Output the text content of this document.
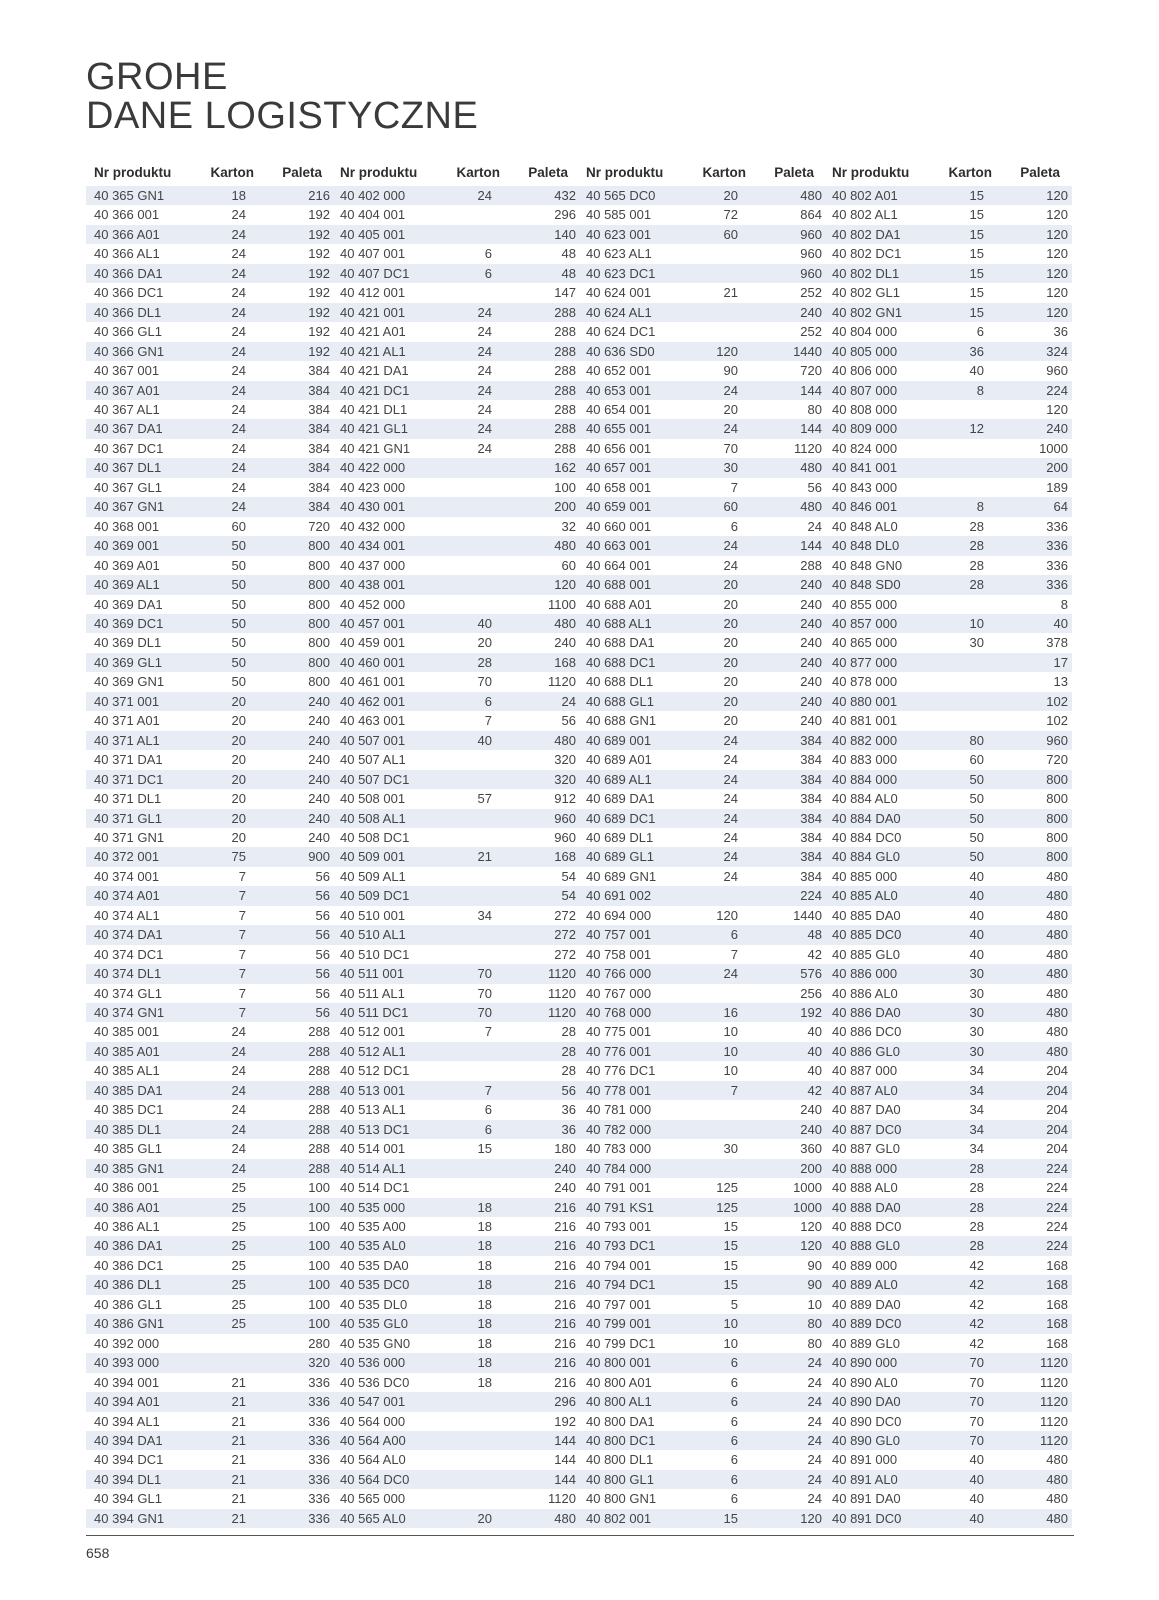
GROHE
DANE LOGISTYCZNE
Nr produktu	Karton	Paleta
40 365 GN1	18	216
40 366 001	24	192
40 366 A01	24	192
40 366 AL1	24	192
40 366 DA1	24	192
40 366 DC1	24	192
40 366 DL1	24	192
40 366 GL1	24	192
40 366 GN1	24	192
40 367 001	24	384
40 367 A01	24	384
40 367 AL1	24	384
40 367 DA1	24	384
40 367 DC1	24	384
40 367 DL1	24	384
40 367 GL1	24	384
40 367 GN1	24	384
40 368 001	60	720
40 369 001	50	800
40 369 A01	50	800
40 369 AL1	50	800
40 369 DA1	50	800
40 369 DC1	50	800
40 369 DL1	50	800
40 369 GL1	50	800
40 369 GN1	50	800
40 371 001	20	240
40 371 A01	20	240
40 371 AL1	20	240
40 371 DA1	20	240
40 371 DC1	20	240
40 371 DL1	20	240
40 371 GL1	20	240
40 371 GN1	20	240
40 372 001	75	900
40 374 001	7	56
40 374 A01	7	56
40 374 AL1	7	56
40 374 DA1	7	56
40 374 DC1	7	56
40 374 DL1	7	56
40 374 GL1	7	56
40 374 GN1	7	56
40 385 001	24	288
40 385 A01	24	288
40 385 AL1	24	288
40 385 DA1	24	288
40 385 DC1	24	288
40 385 DL1	24	288
40 385 GL1	24	288
40 385 GN1	24	288
40 386 001	25	100
40 386 A01	25	100
40 386 AL1	25	100
40 386 DA1	25	100
40 386 DC1	25	100
40 386 DL1	25	100
40 386 GL1	25	100
40 386 GN1	25	100
40 392 000		280
40 393 000		320
40 394 001	21	336
40 394 A01	21	336
40 394 AL1	21	336
40 394 DA1	21	336
40 394 DC1	21	336
40 394 DL1	21	336
40 394 GL1	21	336
40 394 GN1	21	336
Nr produktu	Karton	Paleta
40 402 000	24	432
40 404 001		296
40 405 001		140
40 407 001	6	48
40 407 DC1	6	48
40 412 001		147
40 421 001	24	288
40 421 A01	24	288
40 421 AL1	24	288
40 421 DA1	24	288
40 421 DC1	24	288
40 421 DL1	24	288
40 421 GL1	24	288
40 421 GN1	24	288
40 422 000		162
40 423 000		100
40 430 001		200
40 432 000		32
40 434 001		480
40 437 000		60
40 438 001		120
40 452 000		1100
40 457 001	40	480
40 459 001	20	240
40 460 001	28	168
40 461 001	70	1120
40 462 001	6	24
40 463 001	7	56
40 507 001	40	480
40 507 AL1		320
40 507 DC1		320
40 508 001	57	912
40 508 AL1		960
40 508 DC1		960
40 509 001	21	168
40 509 AL1		54
40 509 DC1		54
40 510 001	34	272
40 510 AL1		272
40 510 DC1		272
40 511 001	70	1120
40 511 AL1	70	1120
40 511 DC1	70	1120
40 512 001	7	28
40 512 AL1		28
40 512 DC1		28
40 513 001	7	56
40 513 AL1	6	36
40 513 DC1	6	36
40 514 001	15	180
40 514 AL1		240
40 514 DC1		240
40 535 000	18	216
40 535 A00	18	216
40 535 AL0	18	216
40 535 DA0	18	216
40 535 DC0	18	216
40 535 DL0	18	216
40 535 GL0	18	216
40 535 GN0	18	216
40 536 000	18	216
40 536 DC0	18	216
40 547 001		296
40 564 000		192
40 564 A00		144
40 564 AL0		144
40 564 DC0		144
40 565 000		1120
40 565 AL0	20	480
Nr produktu	Karton	Paleta
40 565 DC0	20	480
40 585 001	72	864
40 623 001	60	960
40 623 AL1		960
40 623 DC1		960
40 624 001	21	252
40 624 AL1		240
40 624 DC1		252
40 636 SD0	120	1440
40 652 001	90	720
40 653 001	24	144
40 654 001	20	80
40 655 001	24	144
40 656 001	70	1120
40 657 001	30	480
40 658 001	7	56
40 659 001	60	480
40 660 001	6	24
40 663 001	24	144
40 664 001	24	288
40 688 001	20	240
40 688 A01	20	240
40 688 AL1	20	240
40 688 DA1	20	240
40 688 DC1	20	240
40 688 DL1	20	240
40 688 GL1	20	240
40 688 GN1	20	240
40 689 001	24	384
40 689 A01	24	384
40 689 AL1	24	384
40 689 DA1	24	384
40 689 DC1	24	384
40 689 DL1	24	384
40 689 GL1	24	384
40 689 GN1	24	384
40 691 002		224
40 694 000	120	1440
40 757 001	6	48
40 758 001	7	42
40 766 000	24	576
40 767 000		256
40 768 000	16	192
40 775 001	10	40
40 776 001	10	40
40 776 DC1	10	40
40 778 001	7	42
40 781 000		240
40 782 000		240
40 783 000	30	360
40 784 000		200
40 791 001	125	1000
40 791 KS1	125	1000
40 793 001	15	120
40 793 DC1	15	120
40 794 001	15	90
40 794 DC1	15	90
40 797 001	5	10
40 799 001	10	80
40 799 DC1	10	80
40 800 001	6	24
40 800 A01	6	24
40 800 AL1	6	24
40 800 DA1	6	24
40 800 DC1	6	24
40 800 DL1	6	24
40 800 GL1	6	24
40 800 GN1	6	24
40 802 001	15	120
Nr produktu	Karton	Paleta
40 802 A01	15	120
40 802 AL1	15	120
40 802 DA1	15	120
40 802 DC1	15	120
40 802 DL1	15	120
40 802 GL1	15	120
40 802 GN1	15	120
40 804 000	6	36
40 805 000	36	324
40 806 000	40	960
40 807 000	8	224
40 808 000		120
40 809 000	12	240
40 824 000		1000
40 841 001		200
40 843 000		189
40 846 001	8	64
40 848 AL0	28	336
40 848 DL0	28	336
40 848 GN0	28	336
40 848 SD0	28	336
40 855 000		8
40 857 000	10	40
40 865 000	30	378
40 877 000		17
40 878 000		13
40 880 001		102
40 881 001		102
40 882 000	80	960
40 883 000	60	720
40 884 000	50	800
40 884 AL0	50	800
40 884 DA0	50	800
40 884 DC0	50	800
40 884 GL0	50	800
40 885 000	40	480
40 885 AL0	40	480
40 885 DA0	40	480
40 885 DC0	40	480
40 885 GL0	40	480
40 886 000	30	480
40 886 AL0	30	480
40 886 DA0	30	480
40 886 DC0	30	480
40 886 GL0	30	480
40 887 000	34	204
40 887 AL0	34	204
40 887 DA0	34	204
40 887 DC0	34	204
40 887 GL0	34	204
40 888 000	28	224
40 888 AL0	28	224
40 888 DA0	28	224
40 888 DC0	28	224
40 888 GL0	28	224
40 889 000	42	168
40 889 AL0	42	168
40 889 DA0	42	168
40 889 DC0	42	168
40 889 GL0	42	168
40 890 000	70	1120
40 890 AL0	70	1120
40 890 DA0	70	1120
40 890 DC0	70	1120
40 890 GL0	70	1120
40 891 000	40	480
40 891 AL0	40	480
40 891 DA0	40	480
40 891 DC0	40	480
658
